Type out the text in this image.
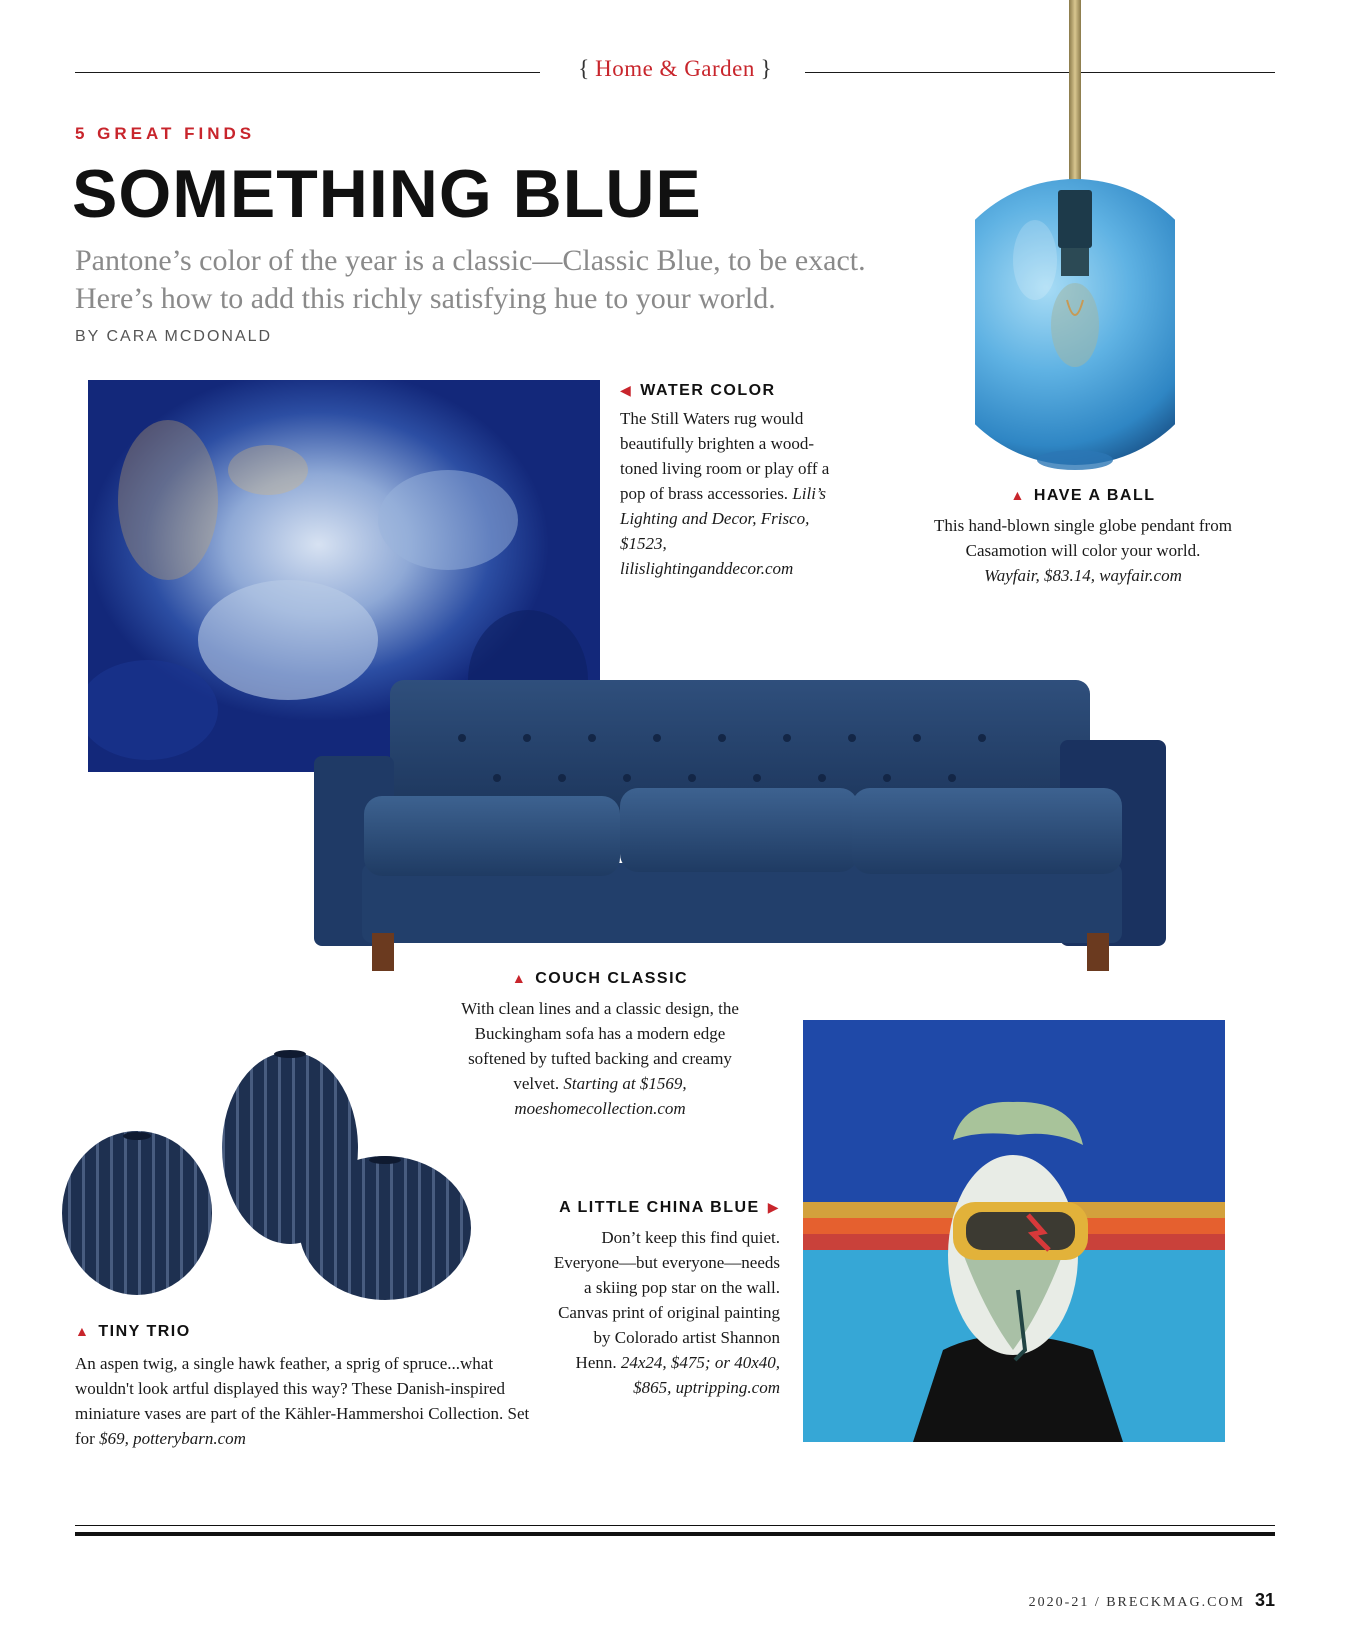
{ Home & Garden }
5 GREAT FINDS
SOMETHING BLUE
Pantone’s color of the year is a classic—Classic Blue, to be exact. Here’s how to add this richly satisfying hue to your world.
BY CARA MCDONALD
◀ WATER COLOR
The Still Waters rug would beautifully brighten a wood-toned living room or play off a pop of brass accessories. Lili’s Lighting and Decor, Frisco, $1523, lilislightinganddecor.com
▲ HAVE A BALL
This hand-blown single globe pendant from Casamotion will color your world.
Wayfair, $83.14, wayfair.com
▲ COUCH CLASSIC
With clean lines and a classic design, the Buckingham sofa has a modern edge softened by tufted backing and creamy velvet. Starting at $1569, moeshomecollection.com
A LITTLE CHINA BLUE ▶
Don’t keep this find quiet. Everyone—but everyone—needs a skiing pop star on the wall. Canvas print of original painting by Colorado artist Shannon Henn. 24x24, $475; or 40x40, $865, uptripping.com
▲ TINY TRIO
An aspen twig, a single hawk feather, a sprig of spruce...what wouldn't look artful displayed this way? These Danish-inspired miniature vases are part of the Kähler-Hammershoi Collection. Set for $69, potterybarn.com
2020-21 / BRECKMAG.COM 31
